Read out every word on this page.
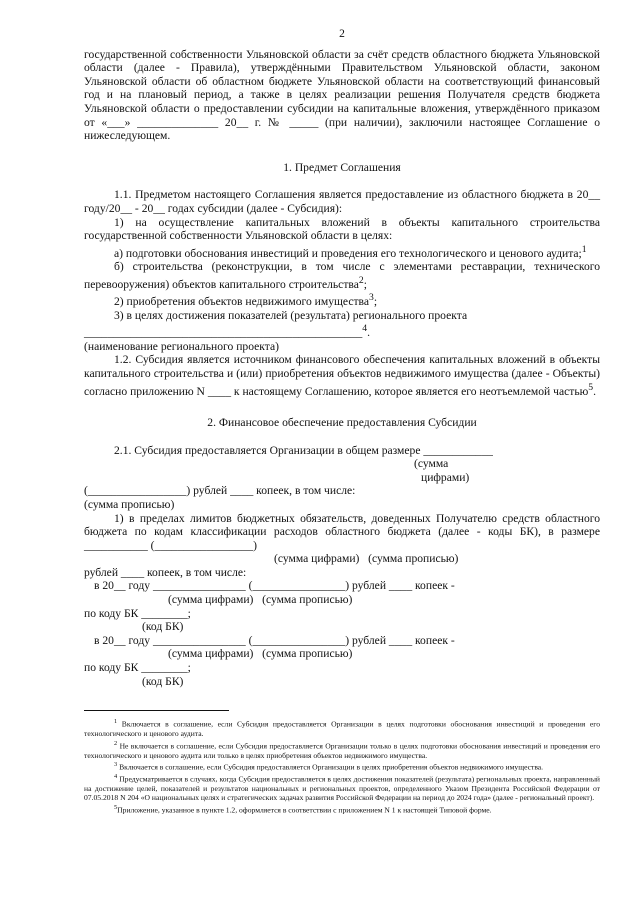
2

государственной собственности Ульяновской области за счёт средств областного бюджета Ульяновской области (далее - Правила), утверждёнными Правительством Ульяновской области, законом Ульяновской области об областном бюджете Ульяновской области на соответствующий финансовый год и на плановый период, а также в целях реализации решения Получателя средств бюджета Ульяновской области о предоставлении субсидии на капитальные вложения, утверждённого приказом от «___» ______________ 20__ г. № _____ (при наличии), заключили настоящее Соглашение о нижеследующем.

1. Предмет Соглашения

1.1. Предметом настоящего Соглашения является предоставление из областного бюджета в 20__ году/20__ - 20__ годах субсидии (далее - Субсидия):

1) на осуществление капитальных вложений в объекты капитального строительства государственной собственности Ульяновской области в целях:

а) подготовки обоснования инвестиций и проведения его технологического и ценового аудита;$^1$

б) строительства (реконструкции, в том числе с элементами реставрации, технического перевооружения) объектов капитального строительства$^2$;

2) приобретения объектов недвижимого имущества$^3$;

3) в целях достижения показателей (результата) регионального проекта

________________________________________________$^4$.

(наименование регионального проекта)

1.2. Субсидия является источником финансового обеспечения капитальных вложений в объекты капитального строительства и (или) приобретения объектов недвижимого имущества (далее - Объекты) согласно приложению N ____ к настоящему Соглашению, которое является его неотъемлемой частью$^5$.

2. Финансовое обеспечение предоставления Субсидии

2.1. Субсидия предоставляется Организации в общем размере ____________

(сумма

цифрами)

(_________________) рублей ____ копеек, в том числе:

(сумма прописью)

1) в пределах лимитов бюджетных обязательств, доведенных Получателю средств областного бюджета по кодам классификации расходов областного бюджета (далее - коды БК), в размере ___________ (_________________)

(сумма цифрами)   (сумма прописью)

рублей ____ копеек, в том числе:

в 20__ году ________________ (________________) рублей ____ копеек -

(сумма цифрами)   (сумма прописью)

по коду БК ________;

(код БК)

в 20__ году ________________ (________________) рублей ____ копеек -

(сумма цифрами)   (сумма прописью)

по коду БК ________;

(код БК)

$^1$ Включается в соглашение, если Субсидия предоставляется Организации в целях подготовки обоснования инвестиций и проведения его технологического и ценового аудита.
$^2$ Не включается в соглашение, если Субсидия предоставляется Организации только в целях подготовки обоснования инвестиций и проведения его технологического и ценового аудита или только в целях приобретения объектов недвижимого имущества.
$^3$ Включается в соглашение, если Субсидия предоставляется Организации в целях приобретения объектов недвижимого имущества.
$^4$ Предусматривается в случаях, когда Субсидия предоставляется в целях достижения показателей (результата) региональных проекта, направленный на достижение целей, показателей и результатов национальных и региональных проектов, определенного Указом Президента Российской Федерации от 07.05.2018 N 204 «О национальных целях и стратегических задачах развития Российской Федерации на период до 2024 года» (далее - региональный проект).
$^5$Приложение, указанное в пункте 1.2, оформляется в соответствии с приложением N 1 к настоящей Типовой форме.
